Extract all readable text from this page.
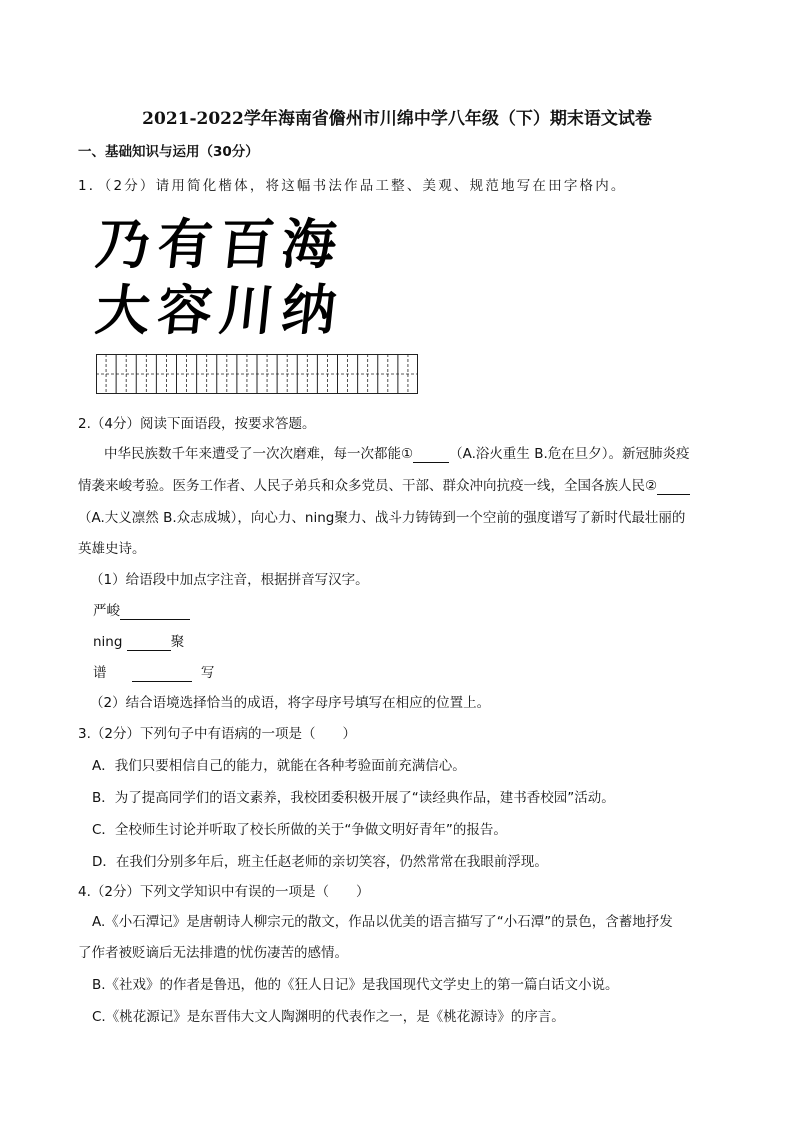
2021-2022学年海南省儋州市川绵中学八年级（下）期末语文试卷
一、基础知识与运用（30分）
1．（2分）请用简化楷体，将这幅书法作品工整、美观、规范地写在田字格内。
乃有百海
大容川纳
2.（4分）阅读下面语段，按要求答题。
中华民族数千年来遭受了一次次磨难，每一次都能①	（A.浴火重生 B.危在旦夕）。新冠肺炎疫
情袭来峻考验。医务工作者、人民子弟兵和众多党员、干部、群众冲向抗疫一线，全国各族人民②
（A.大义凛然 B.众志成城），向心力、ning聚力、战斗力铸铸到一个空前的强度谱写了新时代最壮丽的
英雄史诗。
（1）给语段中加点字注音，根据拼音写汉字。
严峻
ning	聚
谱	写
（2）结合语境选择恰当的成语，将字母序号填写在相应的位置上。
3.（2分）下列句子中有语病的一项是（　　）
A．我们只要相信自己的能力，就能在各种考验面前充满信心。
B．为了提高同学们的语文素养，我校团委积极开展了“读经典作品，建书香校园”活动。
C．全校师生讨论并听取了校长所做的关于“争做文明好青年”的报告。
D．在我们分别多年后，班主任赵老师的亲切笑容，仍然常常在我眼前浮现。
4.（2分）下列文学知识中有误的一项是（　　）
A.《小石潭记》是唐朝诗人柳宗元的散文，作品以优美的语言描写了“小石潭”的景色，含蓄地抒发
了作者被贬谪后无法排遣的忧伤凄苦的感情。
B.《社戏》的作者是鲁迅，他的《狂人日记》是我国现代文学史上的第一篇白话文小说。
C.《桃花源记》是东晋伟大文人陶渊明的代表作之一，是《桃花源诗》的序言。
